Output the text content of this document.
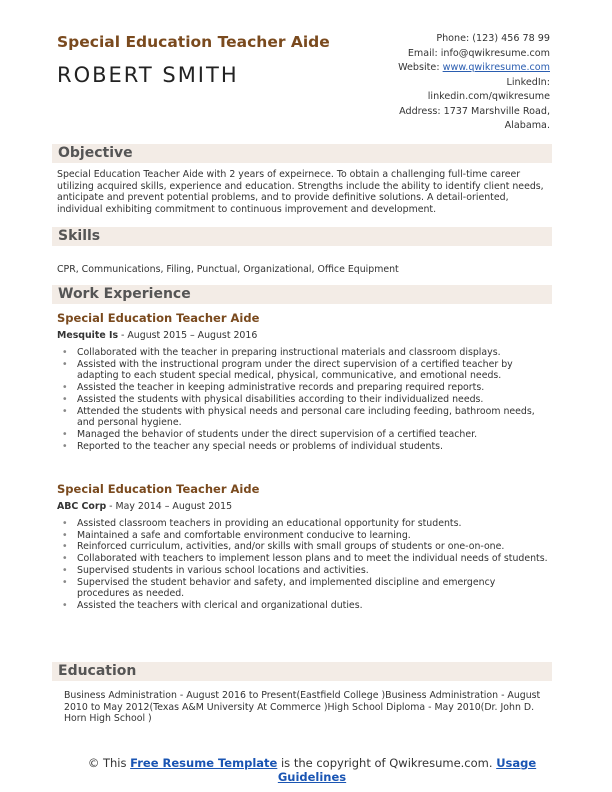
Special Education Teacher Aide
ROBERT SMITH
Phone: (123) 456 78 99
Email: info@qwikresume.com
Website: www.qwikresume.com
LinkedIn:
linkedin.com/qwikresume
Address: 1737 Marshville Road,
Alabama.
Objective
Special Education Teacher Aide with 2 years of expeirnece. To obtain a challenging full-time career utilizing acquired skills, experience and education. Strengths include the ability to identify client needs, anticipate and prevent potential problems, and to provide definitive solutions. A detail-oriented, individual exhibiting commitment to continuous improvement and development.
Skills
CPR, Communications, Filing, Punctual, Organizational, Office Equipment
Work Experience
Special Education Teacher Aide
Mesquite Is - August 2015 – August 2016
• Collaborated with the teacher in preparing instructional materials and classroom displays.
• Assisted with the instructional program under the direct supervision of a certified teacher by adapting to each student special medical, physical, communicative, and emotional needs.
• Assisted the teacher in keeping administrative records and preparing required reports.
• Assisted the students with physical disabilities according to their individualized needs.
• Attended the students with physical needs and personal care including feeding, bathroom needs, and personal hygiene.
• Managed the behavior of students under the direct supervision of a certified teacher.
• Reported to the teacher any special needs or problems of individual students.
Special Education Teacher Aide
ABC Corp - May 2014 – August 2015
• Assisted classroom teachers in providing an educational opportunity for students.
• Maintained a safe and comfortable environment conducive to learning.
• Reinforced curriculum, activities, and/or skills with small groups of students or one-on-one.
• Collaborated with teachers to implement lesson plans and to meet the individual needs of students.
• Supervised students in various school locations and activities.
• Supervised the student behavior and safety, and implemented discipline and emergency procedures as needed.
• Assisted the teachers with clerical and organizational duties.
Education
Business Administration - August 2016 to Present(Eastfield College )Business Administration - August 2010 to May 2012(Texas A&M University At Commerce )High School Diploma - May 2010(Dr. John D. Horn High School )
© This Free Resume Template is the copyright of Qwikresume.com. Usage Guidelines
